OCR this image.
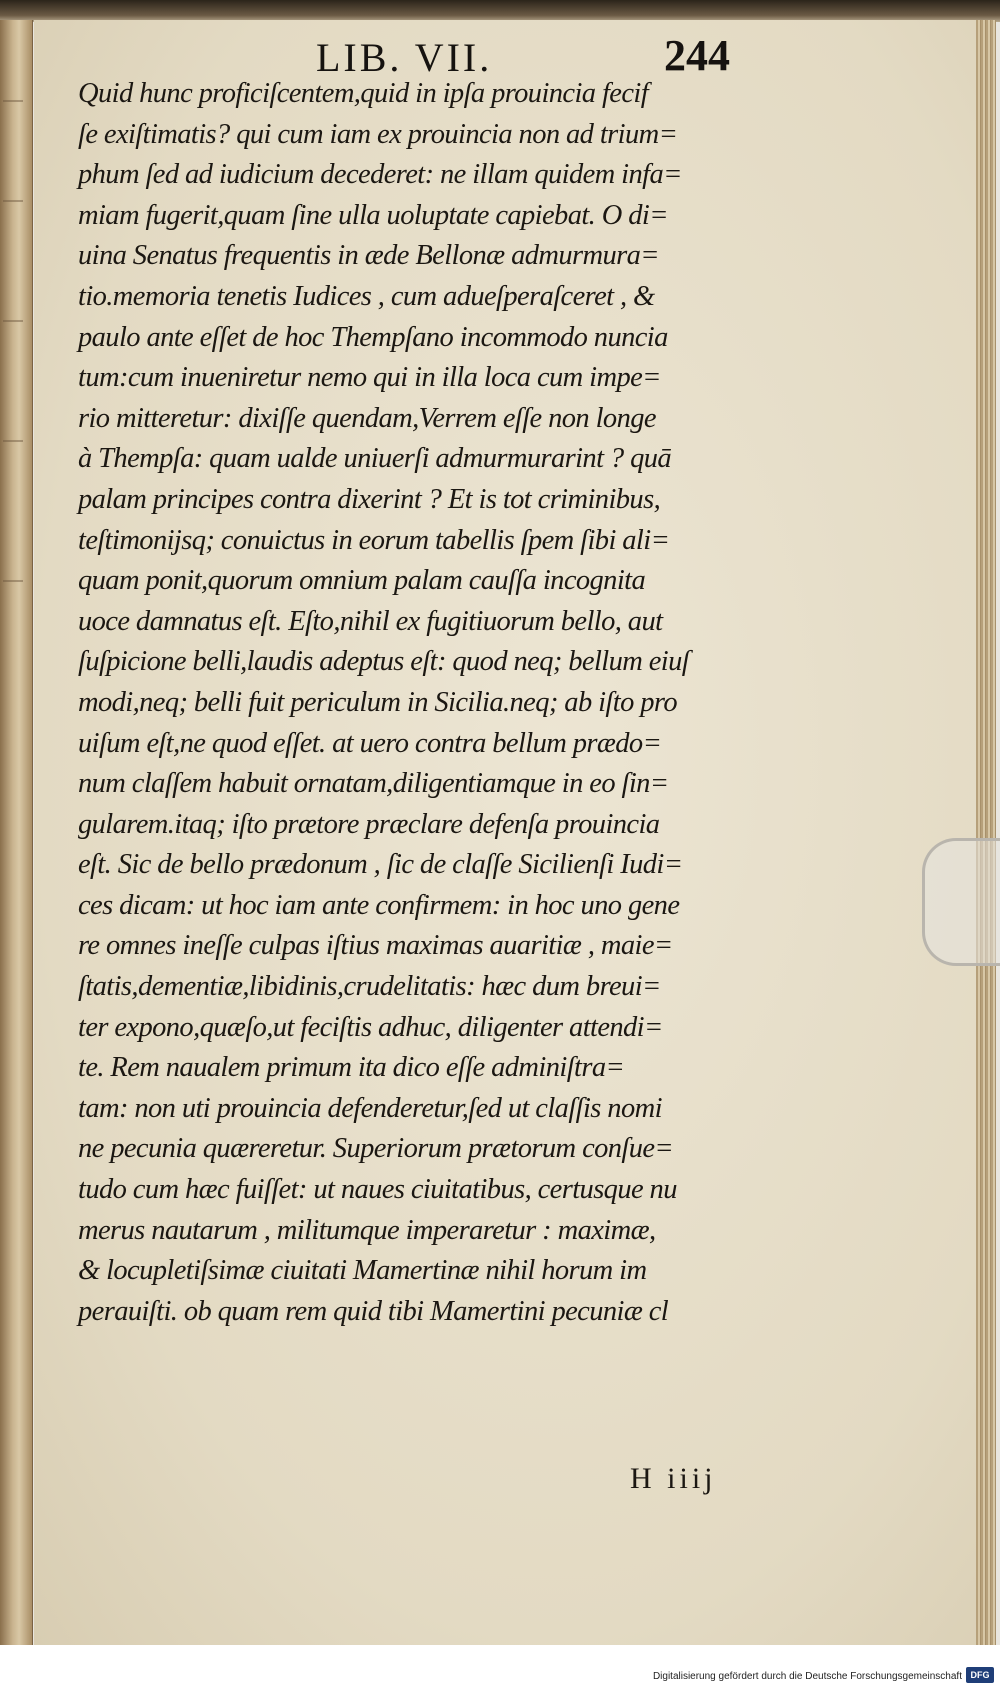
LIB. VII.	244
Quid hunc proficiſcentem,quid in ipſa prouincia fecif
ſe exiſtimatis? qui cum iam ex prouincia non ad trium=
phum ſed ad iudicium decederet: ne illam quidem infa=
miam fugerit,quam ſine ulla uoluptate capiebat. O di=
uina Senatus frequentis in æde Bellonæ admurmura=
tio.memoria tenetis Iudices , cum adueſperaſceret , &
paulo ante eſſet de hoc Thempſano incommodo nuncia
tum:cum inueniretur nemo qui in illa loca cum impe=
rio mitteretur: dixiſſe quendam,Verrem eſſe non longe
à Thempſa: quam ualde uniuerſi admurmurarint ? quā
palam principes contra dixerint ? Et is tot criminibus,
teſtimonijsq; conuictus in eorum tabellis ſpem ſibi ali=
quam ponit,quorum omnium palam cauſſa incognita
uoce damnatus eſt. Eſto,nihil ex fugitiuorum bello, aut
ſuſpicione belli,laudis adeptus eſt: quod neq; bellum eiuſ
modi,neq; belli fuit periculum in Sicilia.neq; ab iſto pro
uiſum eſt,ne quod eſſet. at uero contra bellum prædo=
num claſſem habuit ornatam,diligentiamque in eo ſin=
gularem.itaq; iſto prætore præclare defenſa prouincia
eſt. Sic de bello prædonum , ſic de claſſe Sicilienſi Iudi=
ces dicam: ut hoc iam ante confirmem: in hoc uno gene
re omnes ineſſe culpas iſtius maximas auaritiæ , maie=
ſtatis,dementiæ,libidinis,crudelitatis: hæc dum breui=
ter expono,quæſo,ut feciſtis adhuc, diligenter attendi=
te. Rem naualem primum ita dico eſſe adminiſtra=
tam: non uti prouincia defenderetur,ſed ut claſſis nomi
ne pecunia quæreretur. Superiorum prætorum conſue=
tudo cum hæc fuiſſet: ut naues ciuitatibus, certusque nu
merus nautarum , militumque imperaretur : maximæ,
& locupletiſsimæ ciuitati Mamertinæ nihil horum im
perauiſti. ob quam rem quid tibi Mamertini pecuniæ cl
H iiij
Digitalisierung gefördert durch die Deutsche Forschungsgemeinschaft DFG
